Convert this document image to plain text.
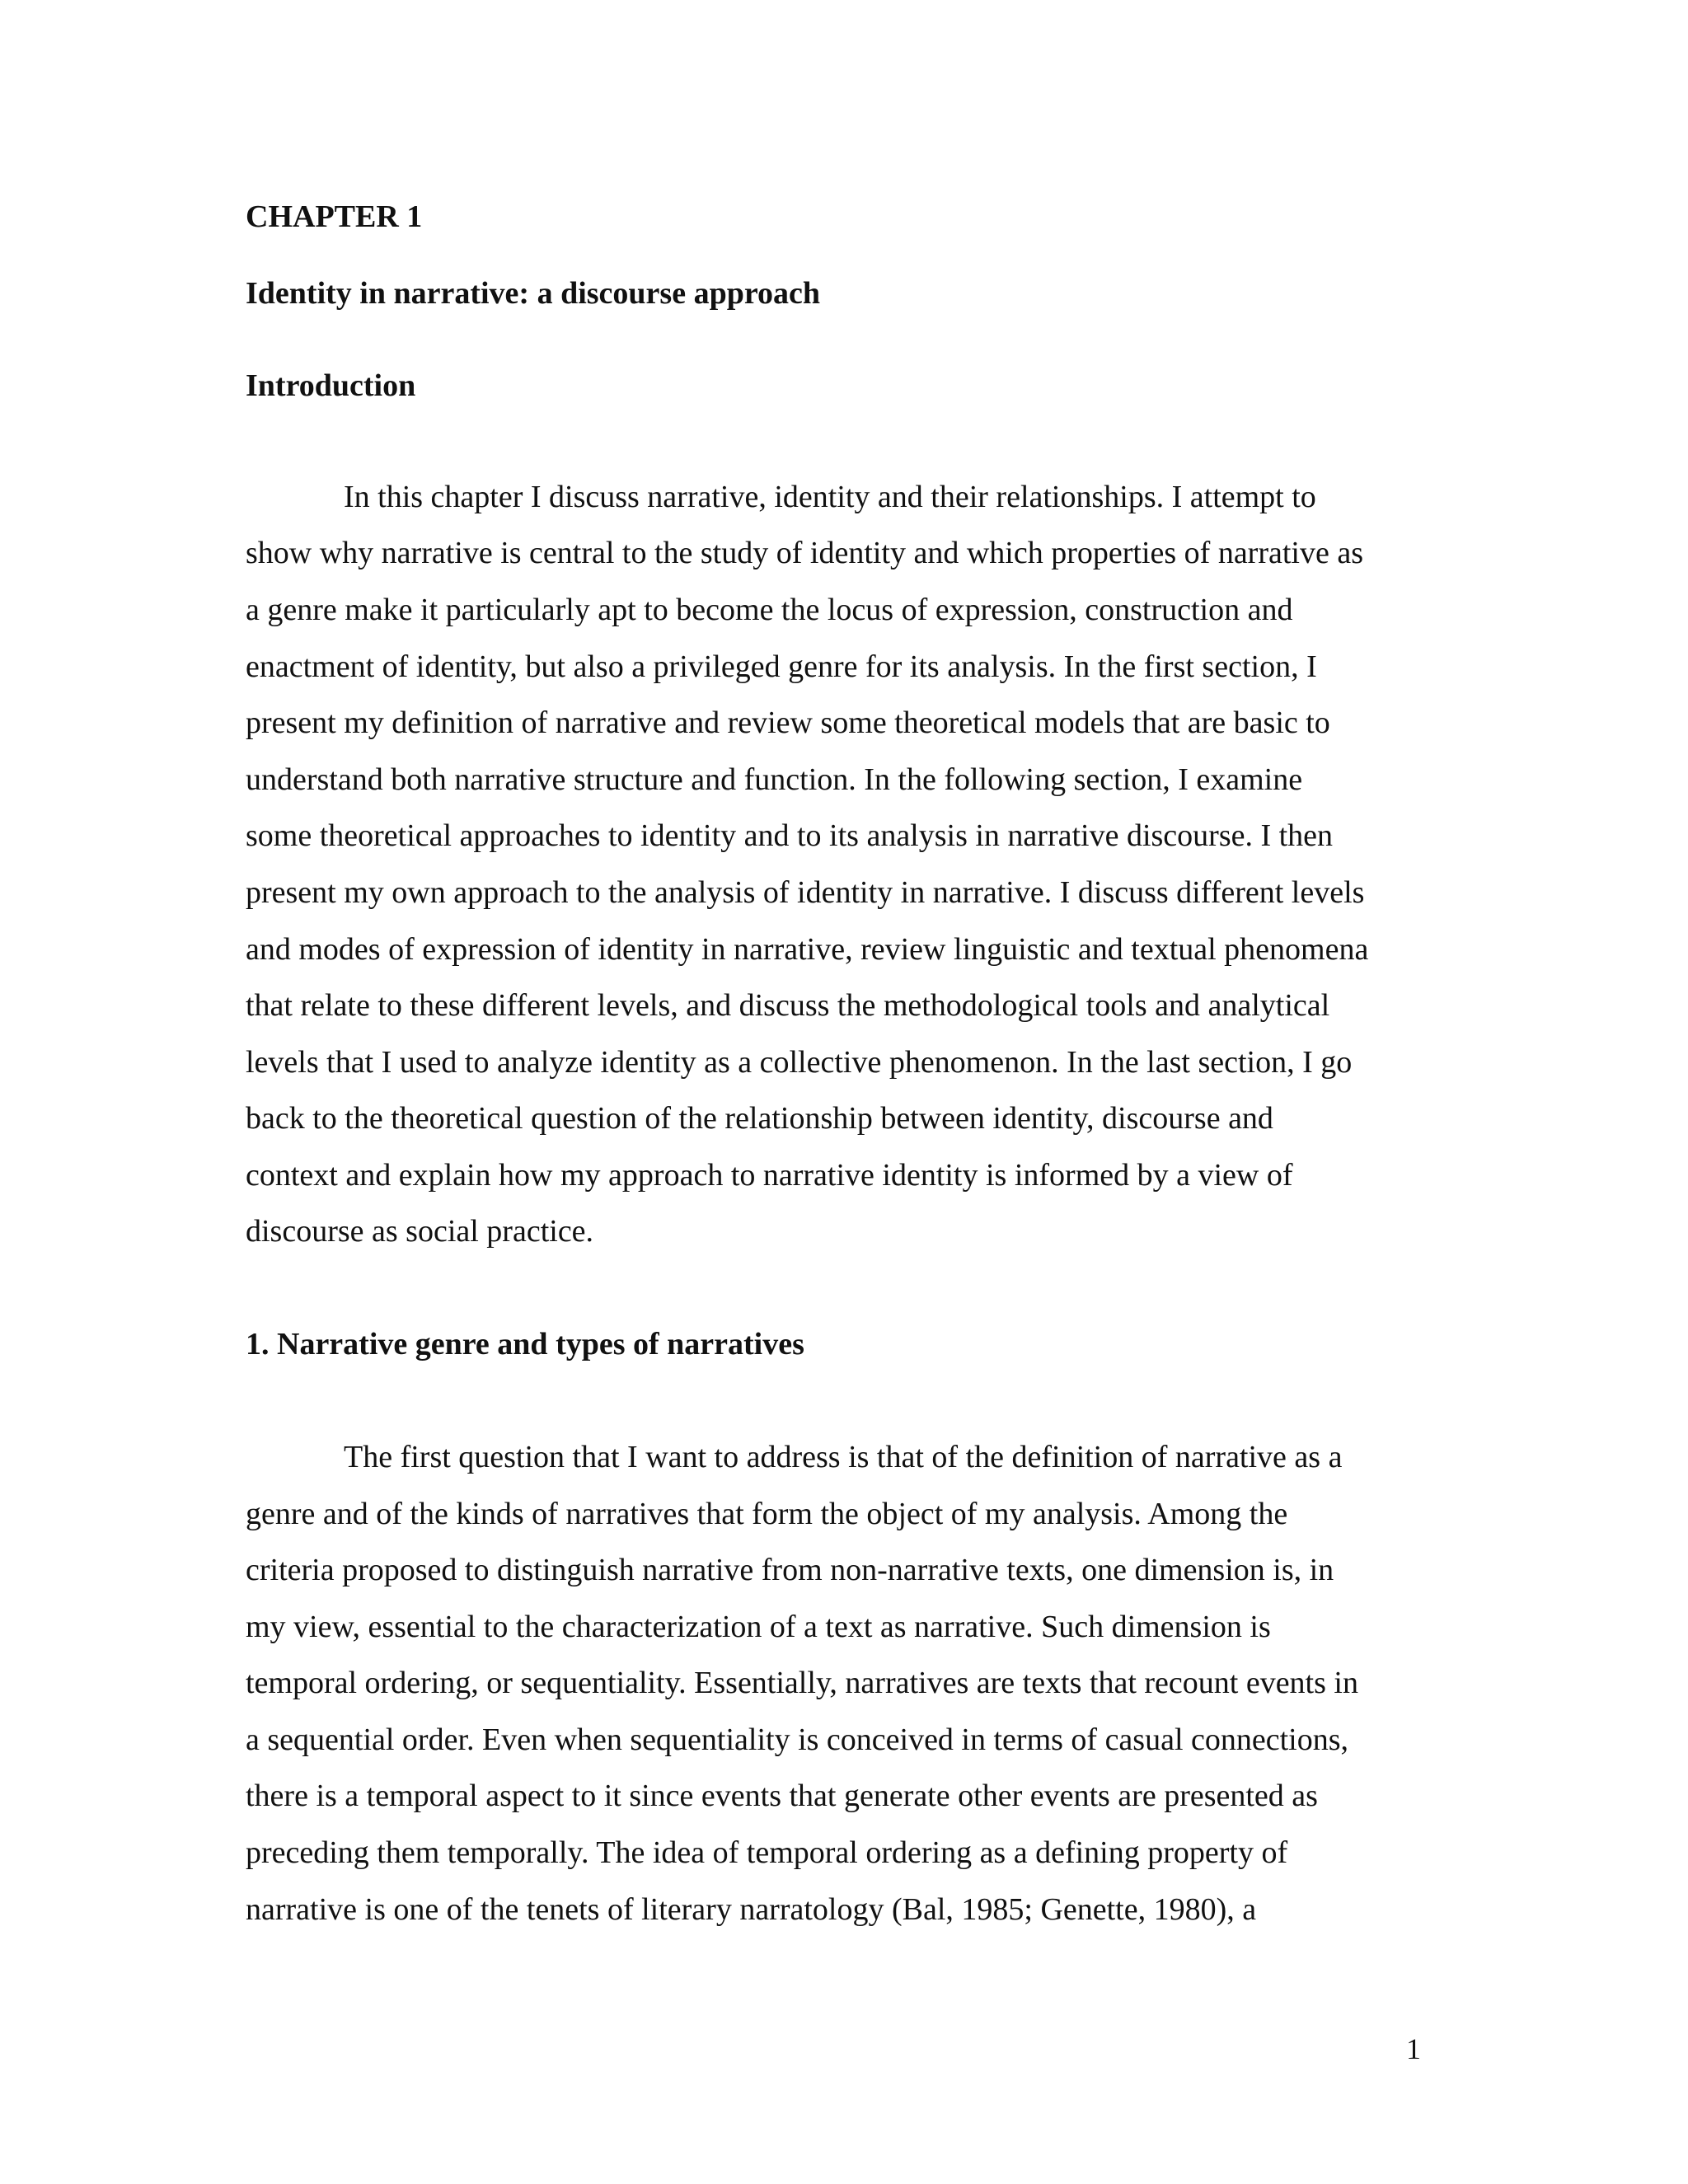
CHAPTER 1
Identity in narrative: a discourse approach
Introduction

In this chapter I discuss narrative, identity and their relationships. I attempt to

show why narrative is central to the study of identity and which properties of narrative as

a genre make it particularly apt to become the locus of expression, construction and

enactment of identity, but also a privileged genre for its analysis. In the first section, I

present my definition of narrative and review some theoretical models that are basic to

understand both narrative structure and function. In the following section, I examine

some theoretical approaches to identity and to its analysis in narrative discourse. I then

present my own approach to the analysis of identity in narrative. I discuss different levels

and modes of expression of identity in narrative, review linguistic and textual phenomena

that relate to these different levels, and discuss the methodological tools and analytical

levels that I used to analyze identity as a collective phenomenon. In the last section, I go

back to the theoretical question of the relationship between identity, discourse and

context and explain how my approach to narrative identity is informed by a view of

discourse as social practice.

1. Narrative genre and types of narratives

The first question that I want to address is that of the definition of narrative as a

genre and of the kinds of narratives that form the object of my analysis. Among the

criteria proposed to distinguish narrative from non-narrative texts, one dimension is, in

my view, essential to the characterization of a text as narrative. Such dimension is

temporal ordering, or sequentiality. Essentially, narratives are texts that recount events in

a sequential order. Even when sequentiality is conceived in terms of casual connections,

there is a temporal aspect to it since events that generate other events are presented as

preceding them temporally. The idea of temporal ordering as a defining property of

narrative is one of the tenets of literary narratology (Bal, 1985; Genette, 1980), a

1
